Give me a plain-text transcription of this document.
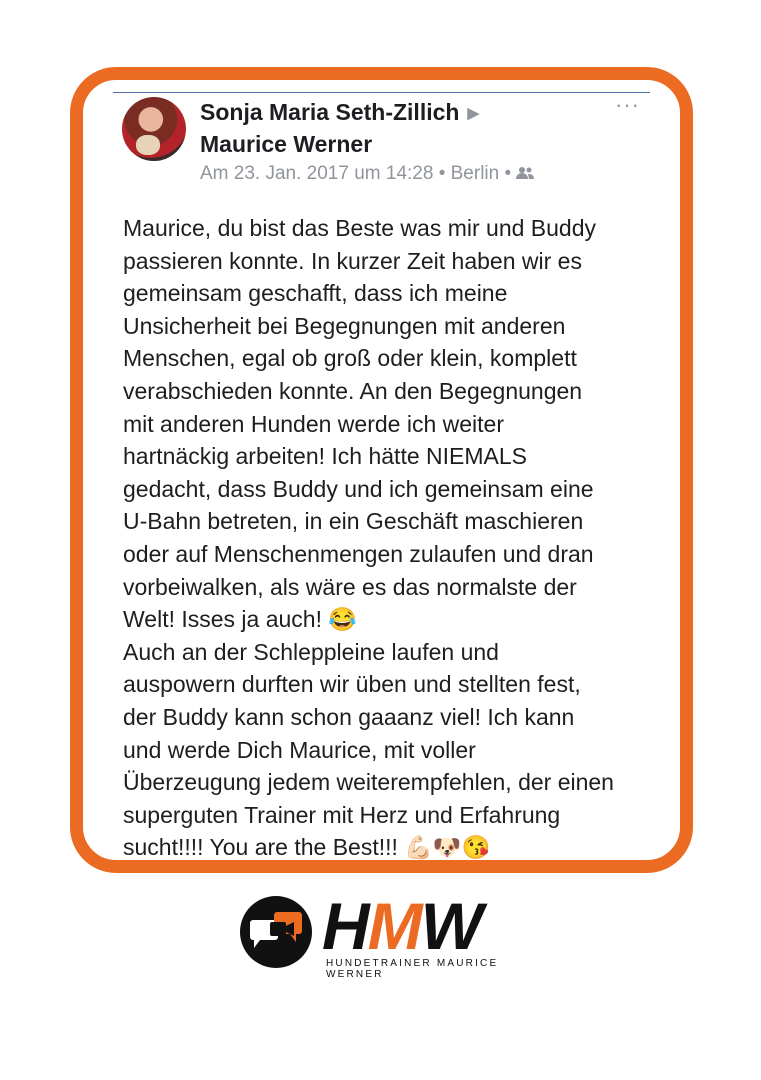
Sonja Maria Seth-Zillich ▶
Maurice Werner
···
Am 23. Jan. 2017 um 14:28 • Berlin •
Maurice, du bist das Beste was mir und Buddy
passieren konnte. In kurzer Zeit haben wir es
gemeinsam geschafft, dass ich meine
Unsicherheit bei Begegnungen mit anderen
Menschen, egal ob groß oder klein, komplett
verabschieden konnte. An den Begegnungen
mit anderen Hunden werde ich weiter
hartnäckig arbeiten! Ich hätte NIEMALS
gedacht, dass Buddy und ich gemeinsam eine
U-Bahn betreten, in ein Geschäft maschieren
oder auf Menschenmengen zulaufen und dran
vorbeiwalken, als wäre es das normalste der
Welt! Isses ja auch! 😂
Auch an der Schleppleine laufen und
auspowern durften wir üben und stellten fest,
der Buddy kann schon gaaanz viel! Ich kann
und werde Dich Maurice, mit voller
Überzeugung jedem weiterempfehlen, der einen
superguten Trainer mit Herz und Erfahrung
sucht!!!! You are the Best!!! 💪🏻🐶😘
HMW
HUNDETRAINER MAURICE WERNER
